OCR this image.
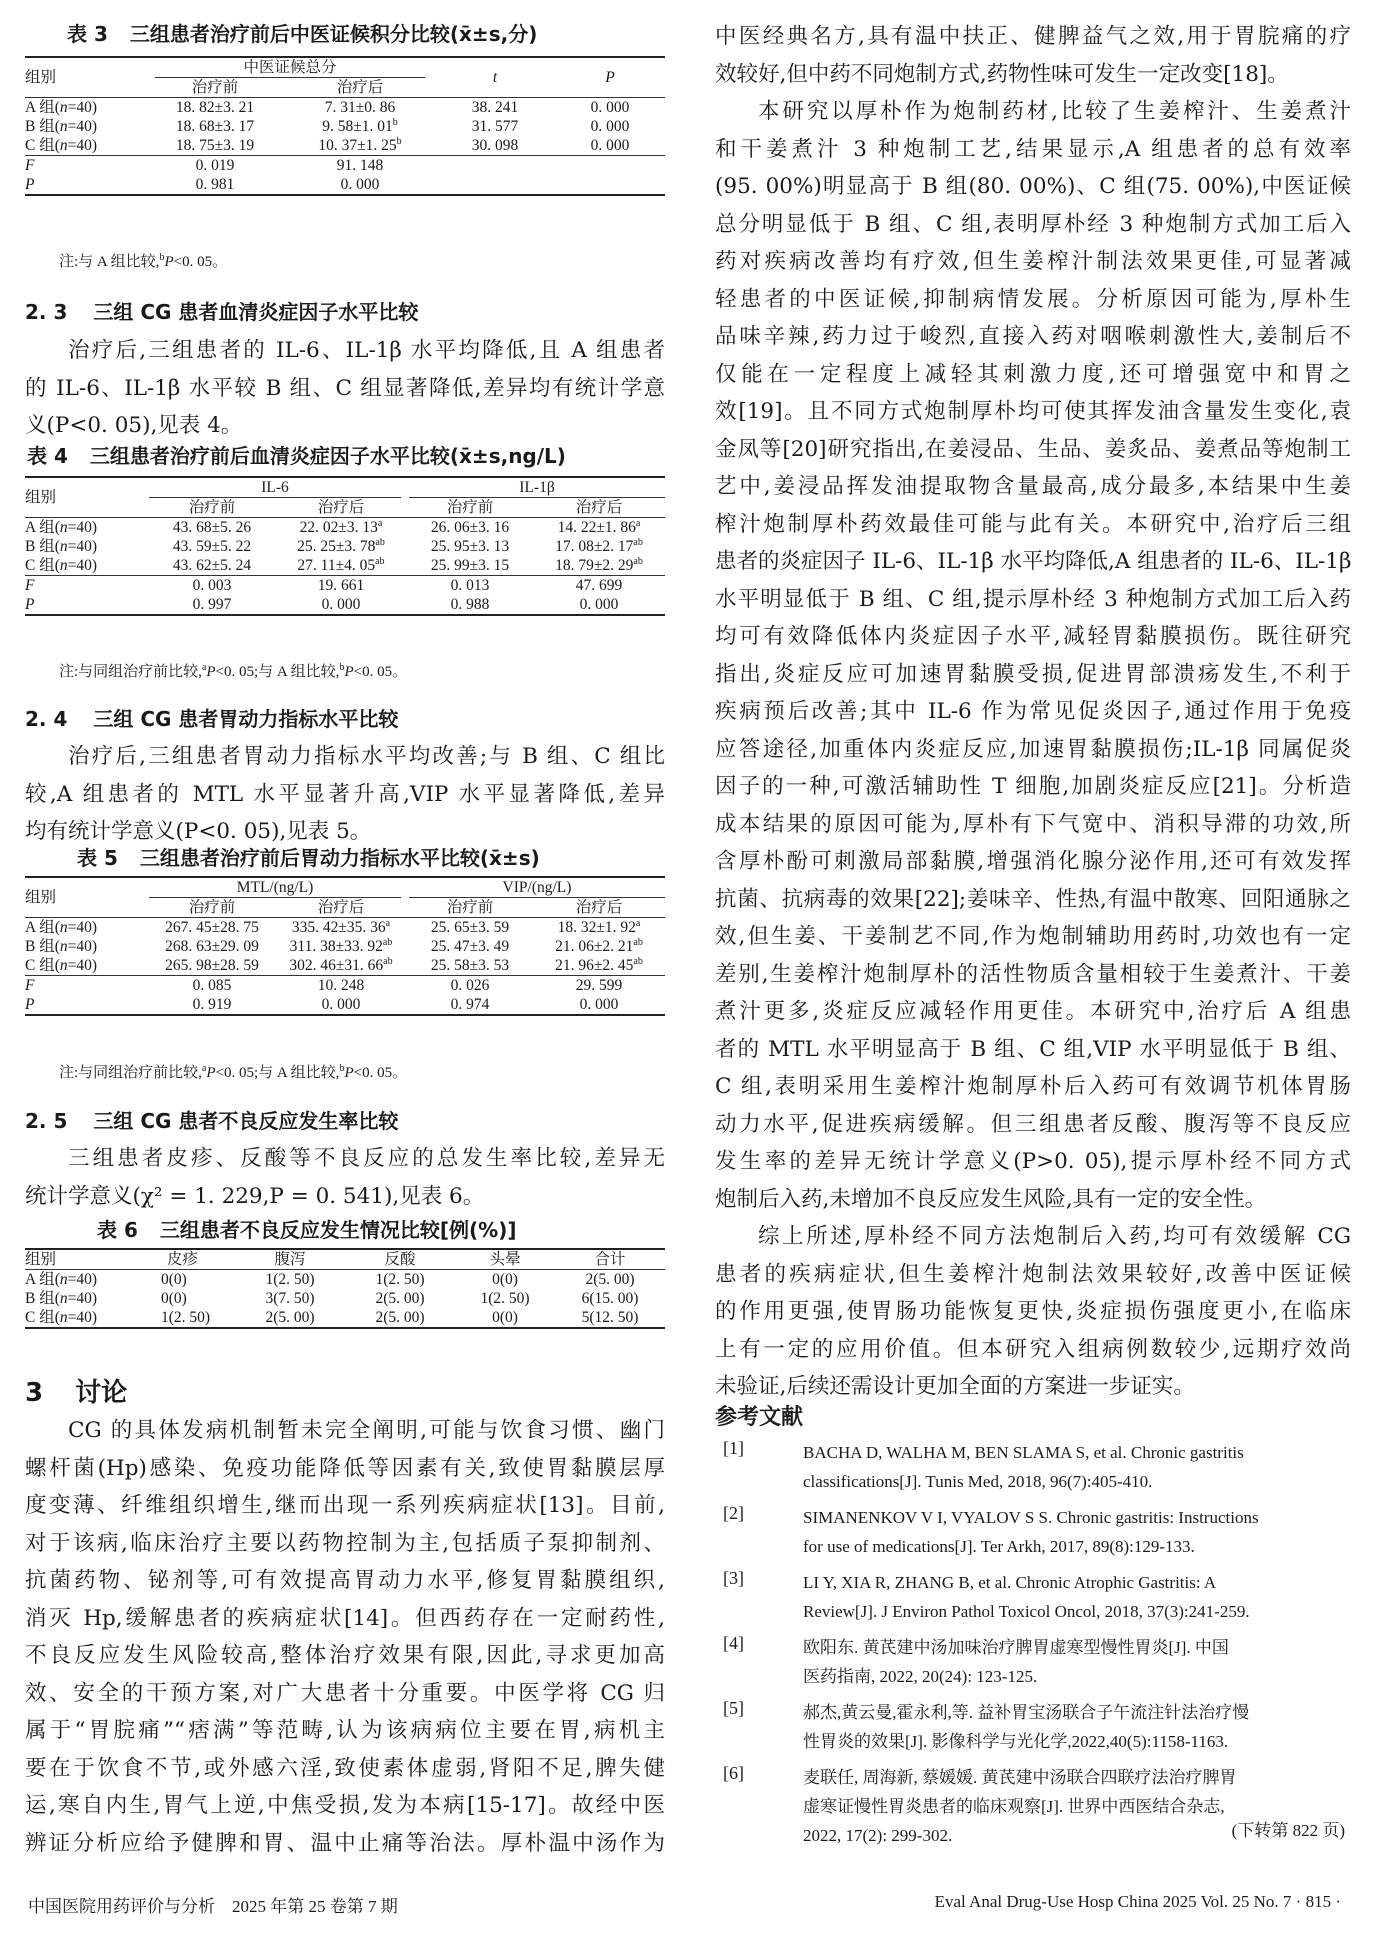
表 3 三组患者治疗前后中医证候积分比较(x̄±s,分)
组别	中医证候总分		t	P
	治疗前	治疗后		
A 组(n=40)	18. 82±3. 21	7. 31±0. 86	38. 241	0. 000
B 组(n=40)	18. 68±3. 17	9. 58±1. 01$^b$	31. 577	0. 000
C 组(n=40)	18. 75±3. 19	10. 37±1. 25$^b$	30. 098	0. 000
F	0. 019	91. 148		
P	0. 981	0. 000		
注:与 A 组比较,$^b$P<0. 05。
2. 3 三组 CG 患者血清炎症因子水平比较
治疗后,三组患者的 IL-6、IL-1β 水平均降低,且 A 组患者
的 IL-6、IL-1β 水平较 B 组、C 组显著降低,差异均有统计学意
义(P<0. 05),见表 4。
表 4 三组患者治疗前后血清炎症因子水平比较(x̄±s,ng/L)
组别	IL-6		IL-1β	

	治疗前	治疗后	治疗前	治疗后
A 组(n=40)	43. 68±5. 26	22. 02±3. 13$^a$	26. 06±3. 16	14. 22±1. 86$^a$
B 组(n=40)	43. 59±5. 22	25. 25±3. $78^{ab}$	25. 95±3. 13	17. 08±2. $17^{ab}$
C 组(n=40)	43. 62±5. 24	27. 11±4. $05^{ab}$	25. 99±3. 15	18. 79±2. $29^{ab}$
F	0. 003	19. 661	0. 013	47. 699
P	0. 997	0. 000	0. 988	0. 000
注:与同组治疗前比较,$^a$P<0. 05;与 A 组比较,$^b$P<0. 05。
2. 4 三组 CG 患者胃动力指标水平比较
治疗后,三组患者胃动力指标水平均改善;与 B 组、C 组比
较,A 组患者的 MTL 水平显著升高,VIP 水平显著降低,差异
均有统计学意义(P<0. 05),见表 5。
表 5 三组患者治疗前后胃动力指标水平比较(x̄±s)
组别	MTL/(ng/L)		VIP/(ng/L)	

	治疗前	治疗后	治疗前	治疗后
A 组(n=40)	267. 45±28. 75	335. 42±35. 36$^a$	25. 65±3. 59	18. 32±1. 92$^a$
B 组(n=40)	268. 63±29. 09	311. 38±33. $92^{ab}$	25. 47±3. 49	21. 06±2. $21^{ab}$
C 组(n=40)	265. 98±28. 59	302. 46±31. $66^{ab}$	25. 58±3. 53	21. 96±2. $45^{ab}$
F	0. 085	10. 248	0. 026	29. 599
P	0. 919	0. 000	0. 974	0. 000
注:与同组治疗前比较,$^a$P<0. 05;与 A 组比较,$^b$P<0. 05。
2. 5 三组 CG 患者不良反应发生率比较
三组患者皮疹、反酸等不良反应的总发生率比较,差异无
统计学意义(χ² = 1. 229,P = 0. 541),见表 6。
表 6 三组患者不良反应发生情况比较[例(%)]
组别	皮疹	腹泻	反酸	头晕	合计
A 组(n=40)	0(0)	1(2. 50)	1(2. 50)	0(0)	2(5. 00)
B 组(n=40)	0(0)	3(7. 50)	2(5. 00)	1(2. 50)	6(15. 00)
C 组(n=40)	1(2. 50)	2(5. 00)	2(5. 00)	0(0)	5(12. 50)
3 讨论
CG 的具体发病机制暂未完全阐明,可能与饮食习惯、幽门
螺杆菌(Hp)感染、免疫功能降低等因素有关,致使胃黏膜层厚
度变薄、纤维组织增生,继而出现一系列疾病症状[13]。目前,
对于该病,临床治疗主要以药物控制为主,包括质子泵抑制剂、
抗菌药物、铋剂等,可有效提高胃动力水平,修复胃黏膜组织,
消灭 Hp,缓解患者的疾病症状[14]。但西药存在一定耐药性,
不良反应发生风险较高,整体治疗效果有限,因此,寻求更加高
效、安全的干预方案,对广大患者十分重要。中医学将 CG 归
属于“胃脘痛”“痞满”等范畴,认为该病病位主要在胃,病机主
要在于饮食不节,或外感六淫,致使素体虚弱,肾阳不足,脾失健
运,寒自内生,胃气上逆,中焦受损,发为本病[15-17]。故经中医
辨证分析应给予健脾和胃、温中止痛等治法。厚朴温中汤作为
中国医院用药评价与分析　2025 年第 25 卷第 7 期
中医经典名方,具有温中扶正、健脾益气之效,用于胃脘痛的疗
效较好,但中药不同炮制方式,药物性味可发生一定改变[18]。
本研究以厚朴作为炮制药材,比较了生姜榨汁、生姜煮汁
和干姜煮汁 3 种炮制工艺,结果显示,A 组患者的总有效率
(95. 00%)明显高于 B 组(80. 00%)、C 组(75. 00%),中医证候
总分明显低于 B 组、C 组,表明厚朴经 3 种炮制方式加工后入
药对疾病改善均有疗效,但生姜榨汁制法效果更佳,可显著减
轻患者的中医证候,抑制病情发展。分析原因可能为,厚朴生
品味辛辣,药力过于峻烈,直接入药对咽喉刺激性大,姜制后不
仅能在一定程度上减轻其刺激力度,还可增强宽中和胃之
效[19]。且不同方式炮制厚朴均可使其挥发油含量发生变化,袁
金凤等[20]研究指出,在姜浸品、生品、姜炙品、姜煮品等炮制工
艺中,姜浸品挥发油提取物含量最高,成分最多,本结果中生姜
榨汁炮制厚朴药效最佳可能与此有关。本研究中,治疗后三组
患者的炎症因子 IL-6、IL-1β 水平均降低,A 组患者的 IL-6、IL-1β
水平明显低于 B 组、C 组,提示厚朴经 3 种炮制方式加工后入药
均可有效降低体内炎症因子水平,减轻胃黏膜损伤。既往研究
指出,炎症反应可加速胃黏膜受损,促进胃部溃疡发生,不利于
疾病预后改善;其中 IL-6 作为常见促炎因子,通过作用于免疫
应答途径,加重体内炎症反应,加速胃黏膜损伤;IL-1β 同属促炎
因子的一种,可激活辅助性 T 细胞,加剧炎症反应[21]。分析造
成本结果的原因可能为,厚朴有下气宽中、消积导滞的功效,所
含厚朴酚可刺激局部黏膜,增强消化腺分泌作用,还可有效发挥
抗菌、抗病毒的效果[22];姜味辛、性热,有温中散寒、回阳通脉之
效,但生姜、干姜制艺不同,作为炮制辅助用药时,功效也有一定
差别,生姜榨汁炮制厚朴的活性物质含量相较于生姜煮汁、干姜
煮汁更多,炎症反应减轻作用更佳。本研究中,治疗后 A 组患
者的 MTL 水平明显高于 B 组、C 组,VIP 水平明显低于 B 组、
C 组,表明采用生姜榨汁炮制厚朴后入药可有效调节机体胃肠
动力水平,促进疾病缓解。但三组患者反酸、腹泻等不良反应
发生率的差异无统计学意义(P>0. 05),提示厚朴经不同方式
炮制后入药,未增加不良反应发生风险,具有一定的安全性。
综上所述,厚朴经不同方法炮制后入药,均可有效缓解 CG
患者的疾病症状,但生姜榨汁炮制法效果较好,改善中医证候
的作用更强,使胃肠功能恢复更快,炎症损伤强度更小,在临床
上有一定的应用价值。但本研究入组病例数较少,远期疗效尚
未验证,后续还需设计更加全面的方案进一步证实。
参考文献
[1]	BACHA D, WALHA M, BEN SLAMA S, et al. Chronic gastritis
classifications[J]. Tunis Med, 2018, 96(7):405-410.
[2]	SIMANENKOV V I, VYALOV S S. Chronic gastritis: Instructions
for use of medications[J]. Ter Arkh, 2017, 89(8):129-133.
[3]	LI Y, XIA R, ZHANG B, et al. Chronic Atrophic Gastritis: A
Review[J]. J Environ Pathol Toxicol Oncol, 2018, 37(3):241-259.
[4]	欧阳东. 黄芪建中汤加味治疗脾胃虚寒型慢性胃炎[J]. 中国
医药指南, 2022, 20(24): 123-125.
[5]	郝杰,黄云曼,霍永利,等. 益补胃宝汤联合子午流注针法治疗慢
性胃炎的效果[J]. 影像科学与光化学,2022,40(5):1158-1163.
[6]	麦联任, 周海新, 蔡媛媛. 黄芪建中汤联合四联疗法治疗脾胃
虚寒证慢性胃炎患者的临床观察[J]. 世界中西医结合杂志,
2022, 17(2): 299-302.	(下转第 822 页)
Eval Anal Drug-Use Hosp China 2025 Vol. 25 No. 7 · 815 ·
